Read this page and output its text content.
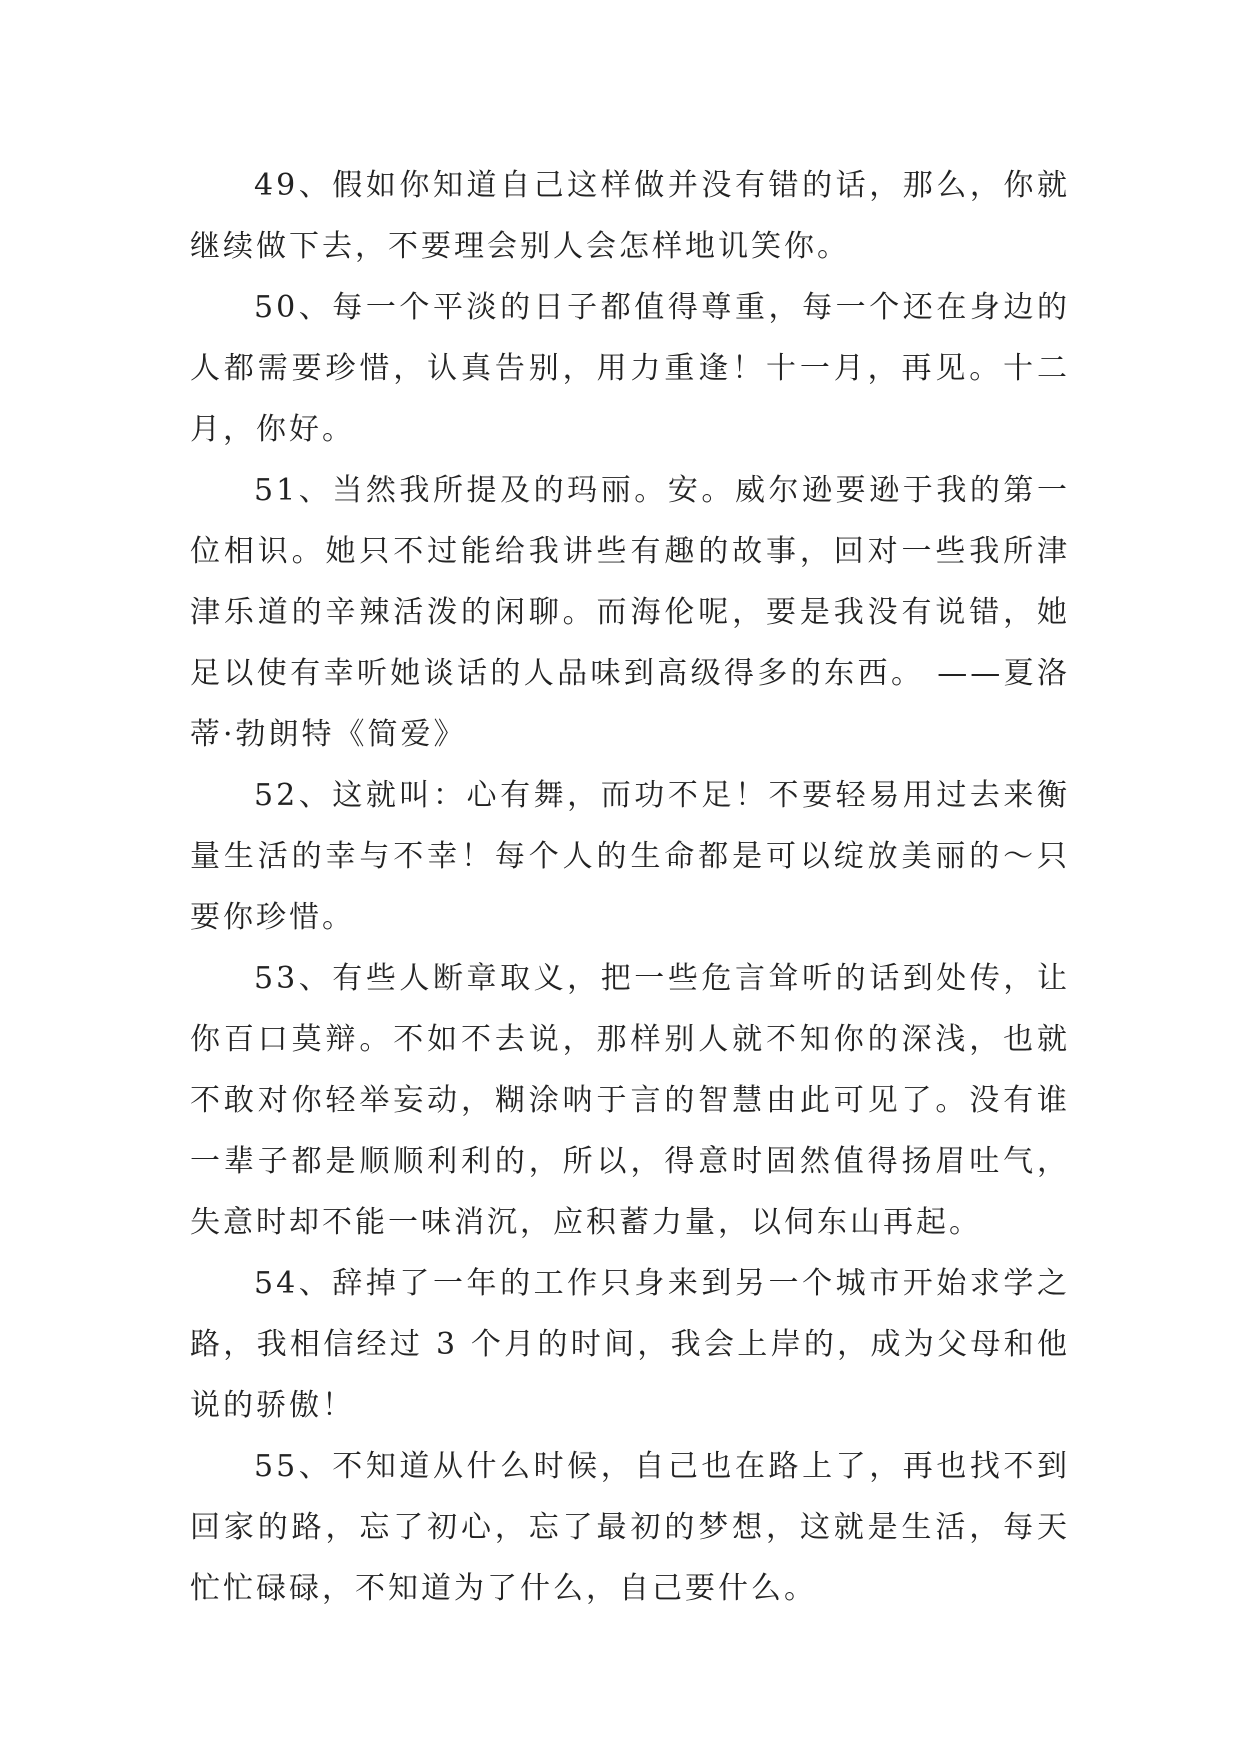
49、假如你知道自己这样做并没有错的话，那么，你就继续做下去，不要理会别人会怎样地讥笑你。

50、每一个平淡的日子都值得尊重，每一个还在身边的人都需要珍惜，认真告别，用力重逢！十一月，再见。十二月，你好。

51、当然我所提及的玛丽。安。威尔逊要逊于我的第一位相识。她只不过能给我讲些有趣的故事，回对一些我所津津乐道的辛辣活泼的闲聊。而海伦呢，要是我没有说错，她足以使有幸听她谈话的人品味到高级得多的东西。 ——夏洛蒂·勃朗特《简爱》

52、这就叫：心有舞，而功不足！不要轻易用过去来衡量生活的幸与不幸！每个人的生命都是可以绽放美丽的～只要你珍惜。

53、有些人断章取义，把一些危言耸听的话到处传，让你百口莫辩。不如不去说，那样别人就不知你的深浅，也就不敢对你轻举妄动，糊涂呐于言的智慧由此可见了。没有谁一辈子都是顺顺利利的，所以，得意时固然值得扬眉吐气，失意时却不能一味消沉，应积蓄力量，以伺东山再起。

54、辞掉了一年的工作只身来到另一个城市开始求学之路，我相信经过 3 个月的时间，我会上岸的，成为父母和他说的骄傲！

55、不知道从什么时候，自己也在路上了，再也找不到回家的路，忘了初心，忘了最初的梦想，这就是生活，每天忙忙碌碌，不知道为了什么，自己要什么。
